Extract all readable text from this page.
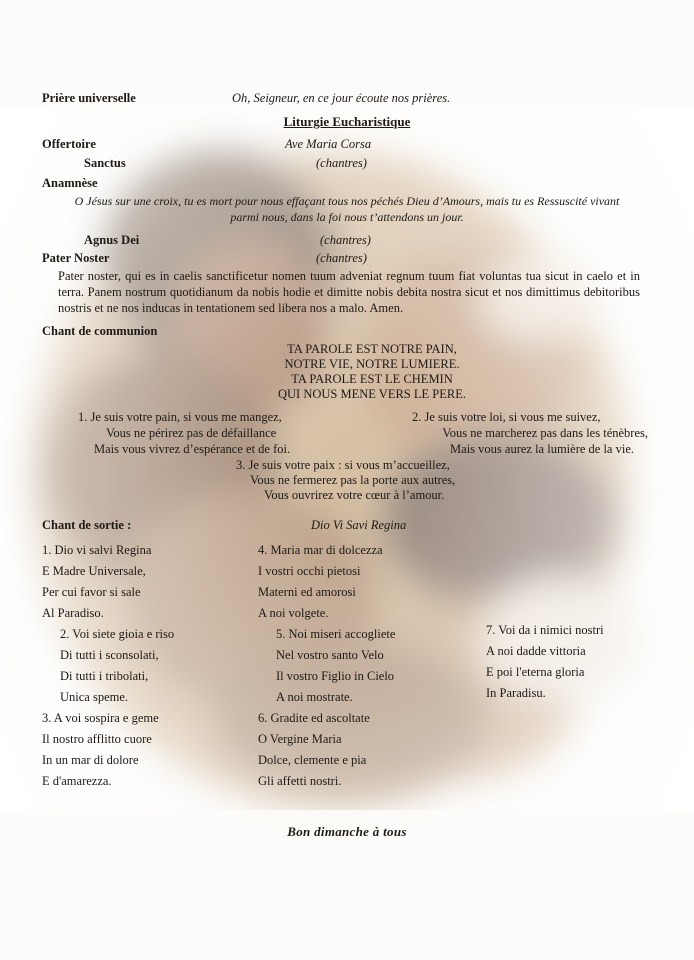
Prière universelle	Oh, Seigneur, en ce jour écoute nos prières.
Liturgie Eucharistique
Offertoire	Ave Maria Corsa
Sanctus	(chantres)
Anamnèse
O Jésus sur une croix, tu es mort pour nous effaçant tous nos péchés Dieu d’Amours, mais tu es Ressuscité vivant
parmi nous, dans la foi nous t’attendons un jour.
Agnus Dei	(chantres)
Pater Noster	(chantres)
Pater noster, qui es in caelis sanctificetur nomen tuum adveniat regnum tuum fiat voluntas tua sicut in caelo et in terra. Panem nostrum quotidianum da nobis hodie et dimitte nobis debita nostra sicut et nos dimittimus debitoribus nostris et ne nos inducas in tentationem sed libera nos a malo. Amen.
Chant de communion
TA PAROLE EST NOTRE PAIN,
NOTRE VIE, NOTRE LUMIERE.
TA PAROLE EST LE CHEMIN
QUI NOUS MENE VERS LE PERE.
1. Je suis votre pain, si vous me mangez,
Vous ne périrez pas de défaillance
Mais vous vivrez d’espérance et de foi.
2. Je suis votre loi, si vous me suivez,
Vous ne marcherez pas dans les ténèbres,
Mais vous aurez la lumière de la vie.
3. Je suis votre paix : si vous m’accueillez,
Vous ne fermerez pas la porte aux autres,
Vous ouvrirez votre cœur à l’amour.
Chant de sortie :	Dio Vi Savi Regina
1. Dio vi salvi Regina
E Madre Universale,
Per cui favor si sale
Al Paradiso.
2. Voi siete gioia e riso
Di tutti i sconsolati,
Di tutti i tribolati,
Unica speme.
3. A voi sospira e geme
Il nostro afflitto cuore
In un mar di dolore
E d'amarezza.
4. Maria mar di dolcezza
I vostri occhi pietosi
Materni ed amorosi
A noi volgete.
5. Noi miseri accogliete
Nel vostro santo Velo
Il vostro Figlio in Cielo
A noi mostrate.
6. Gradite ed ascoltate
O Vergine Maria
Dolce, clemente e pia
Gli affetti nostri.
7. Voi da i nimici nostri
A noi dadde vittoria
E poi l'eterna gloria
In Paradisu.
Bon dimanche à tous
